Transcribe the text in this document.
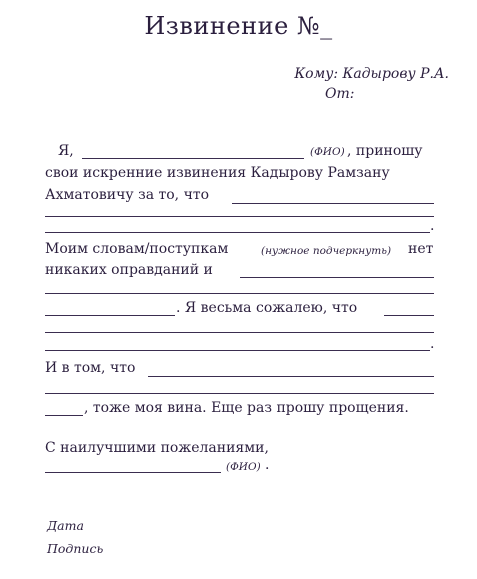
Извинение №_
Кому: Кадырову Р.А.
От:
Я,	(ФИО) , приношу
свои искренние извинения Кадырову Рамзану
Ахматовичу за то, что
.
Моим словам/поступкам	(нужное подчеркнуть) нет
никаких оправданий и
. Я весьма сожалею, что
.
И в том, что
, тоже моя вина. Еще раз прошу прощения.
С наилучшими пожеланиями,
(ФИО) .
Дата
Подпись
